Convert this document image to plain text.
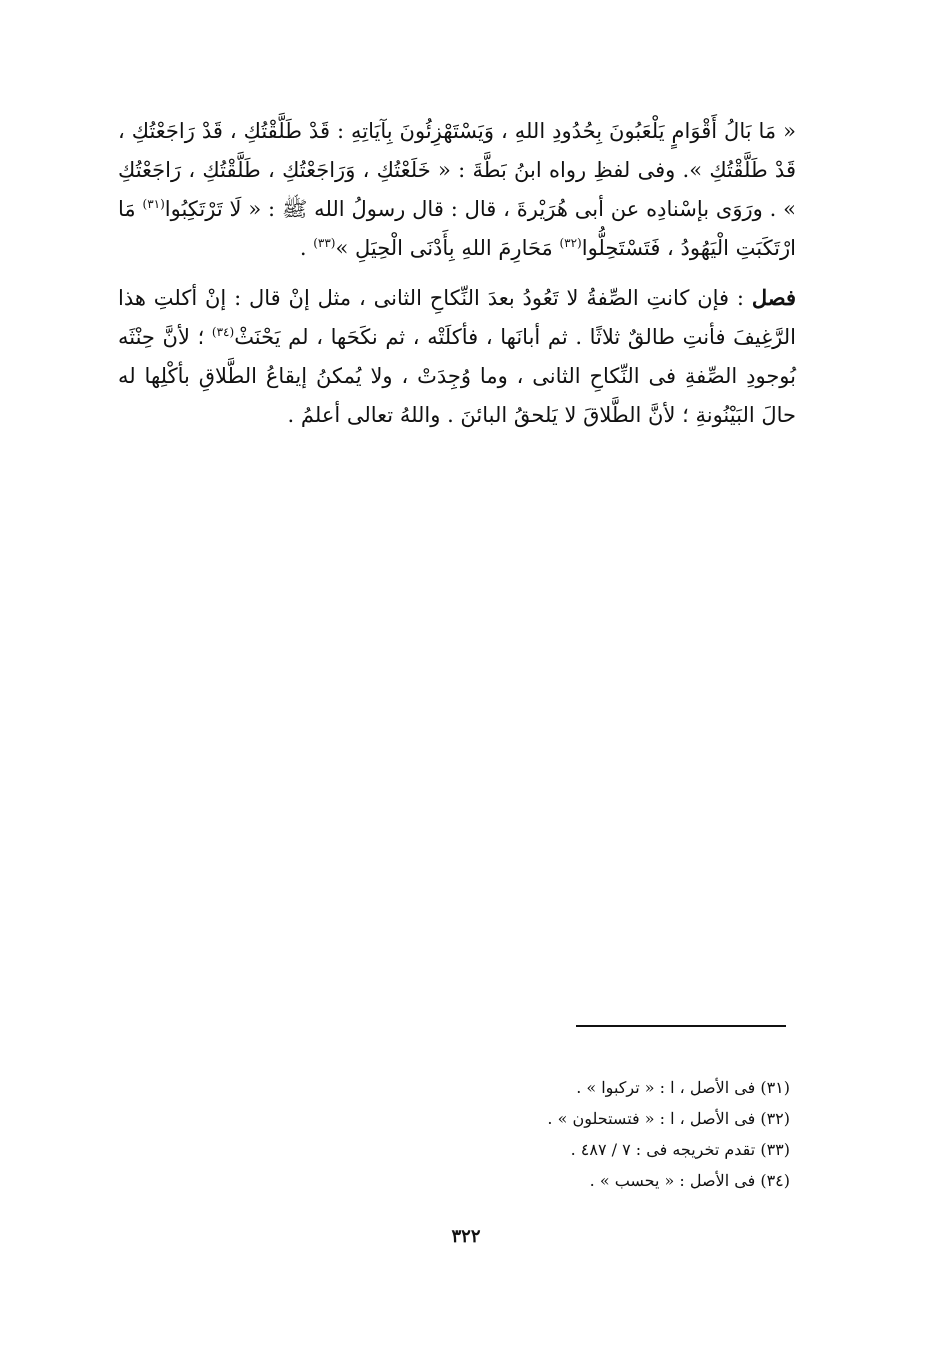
« مَا بَالُ أَقْوَامٍ يَلْعَبُونَ بِحُدُودِ اللهِ ، وَيَسْتَهْزِئُونَ بِآيَاتِهِ : قَدْ طَلَّقْتُكِ ، قَدْ رَاجَعْتُكِ ، قَدْ طَلَّقْتُكِ ». وفى لفظِ رواه ابنُ بَطَّةَ : « خَلَعْتُكِ ، وَرَاجَعْتُكِ ، طَلَّقْتُكِ ، رَاجَعْتُكِ » . ورَوَى بإسْنادِه عن أبى هُرَيْرةَ ، قال : قال رسولُ الله ﷺ : « لَا تَرْتَكِبُوا$^{(٣١)}$ مَا ارْتَكَبَتِ الْيَهُودُ ، فَتَسْتَحِلُّوا$^{(٣٢)}$ مَحَارِمَ اللهِ بِأَدْنَى الْحِيَلِ »$^{(٣٣)}$ .

فصل : فإن كانتِ الصِّفةُ لا تَعُودُ بعدَ النِّكاحِ الثانى ، مثل إنْ قال : إنْ أكلتِ هذا الرَّغِيفَ فأنتِ طالقٌ ثلاثًا . ثم أبانَها ، فأكلَتْه ، ثم نكَحَها ، لم يَحْنَثْ$^{(٣٤)}$ ؛ لأنَّ حِنْثَه بُوجودِ الصِّفةِ فى النِّكاحِ الثانى ، وما وُجِدَتْ ، ولا يُمكنُ إيقاعُ الطَّلاقِ بأكْلِها له حالَ البَيْنُونةِ ؛ لأنَّ الطَّلاقَ لا يَلحقُ البائنَ . واللهُ تعالى أعلمُ .

(٣١) فى الأصل ، ا : « تركبوا » .

(٣٢) فى الأصل ، ا : « فتستحلون » .

(٣٣) تقدم تخريجه فى : ٧ / ٤٨٧ .

(٣٤) فى الأصل : « يحسب » .

٣٢٢
